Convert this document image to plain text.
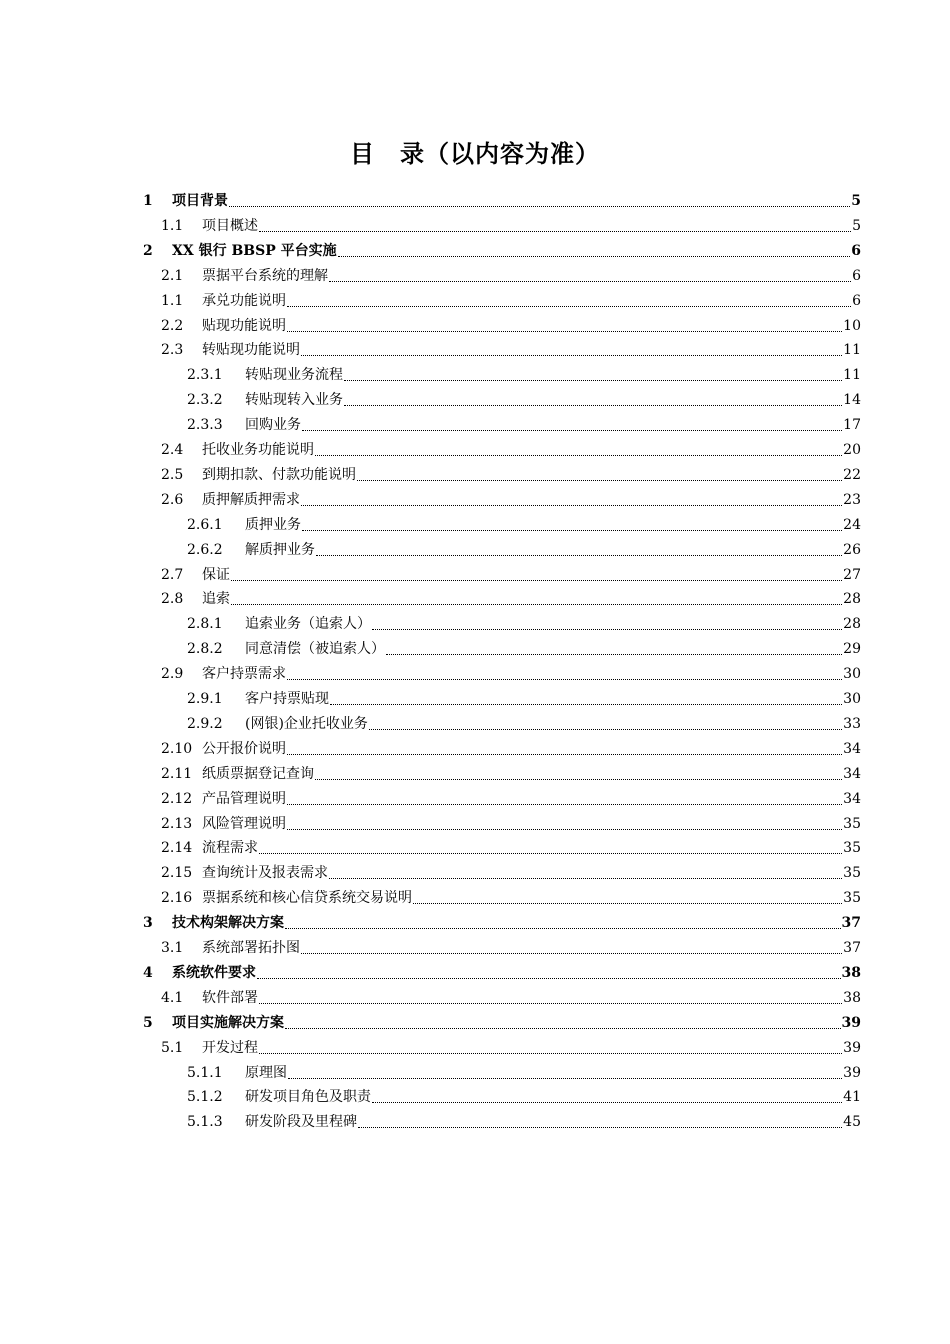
目　录（以内容为准）
1	项目背景	5
1.1	项目概述	5
2	XX 银行 BBSP 平台实施	6
2.1	票据平台系统的理解	6
1.1	承兑功能说明	6
2.2	贴现功能说明	10
2.3	转贴现功能说明	11
2.3.1	转贴现业务流程	11
2.3.2	转贴现转入业务	14
2.3.3	回购业务	17
2.4	托收业务功能说明	20
2.5	到期扣款、付款功能说明	22
2.6	质押解质押需求	23
2.6.1	质押业务	24
2.6.2	解质押业务	26
2.7	保证	27
2.8	追索	28
2.8.1	追索业务（追索人）	28
2.8.2	同意清偿（被追索人）	29
2.9	客户持票需求	30
2.9.1	客户持票贴现	30
2.9.2	(网银)企业托收业务	33
2.10 公开报价说明	34
2.11 纸质票据登记查询	34
2.12 产品管理说明	34
2.13 风险管理说明	35
2.14 流程需求	35
2.15 查询统计及报表需求	35
2.16 票据系统和核心信贷系统交易说明	35
3	技术构架解决方案	37
3.1	系统部署拓扑图	37
4	系统软件要求	38
4.1	软件部署	38
5	项目实施解决方案	39
5.1	开发过程	39
5.1.1	原理图	39
5.1.2	研发项目角色及职责	41
5.1.3	研发阶段及里程碑	45
